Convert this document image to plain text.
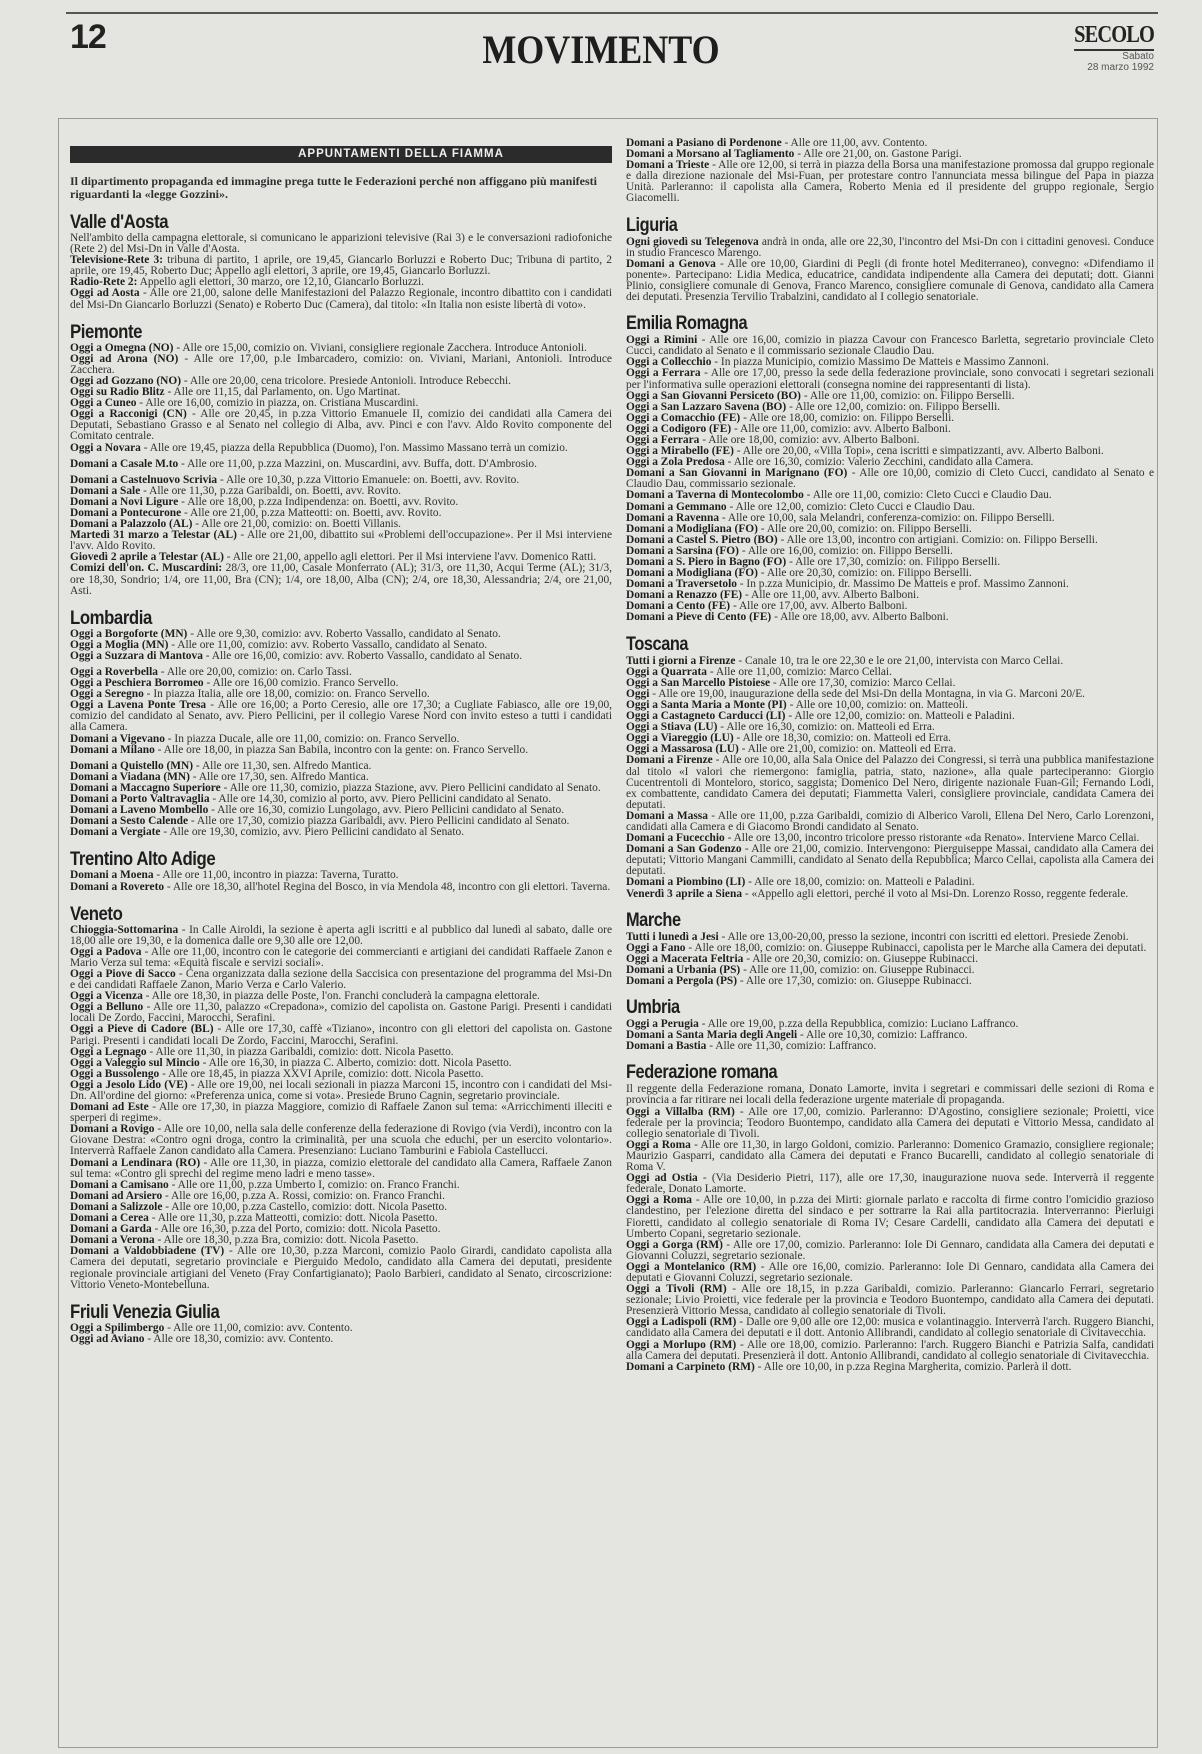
12	MOVIMENTO	SECOLO
Sabato
28 marzo 1992
APPUNTAMENTI DELLA FIAMMA
Il dipartimento propaganda ed immagine prega tutte le Federazioni perché non affiggano più manifesti riguardanti la «legge Gozzini».
Valle d'Aosta
Nell'ambito della campagna elettorale, si comunicano le apparizioni televisive (Rai 3) e le conversazioni radiofoniche (Rete 2) del Msi-Dn in Valle d'Aosta.
Televisione-Rete 3: tribuna di partito, 1 aprile, ore 19,45, Giancarlo Borluzzi e Roberto Duc; Tribuna di partito, 2 aprile, ore 19,45, Roberto Duc; Appello agli elettori, 3 aprile, ore 19,45, Giancarlo Borluzzi.
Radio-Rete 2: Appello agli elettori, 30 marzo, ore 12,10, Giancarlo Borluzzi.
Oggi ad Aosta - Alle ore 21,00, salone delle Manifestazioni del Palazzo Regionale, incontro dibattito con i candidati del Msi-Dn Giancarlo Borluzzi (Senato) e Roberto Duc (Camera), dal titolo: «In Italia non esiste libertà di voto».
Piemonte
Oggi a Omegna (NO) - Alle ore 15,00, comizio on. Viviani, consigliere regionale Zacchera. Introduce Antonioli.
Oggi ad Arona (NO) - Alle ore 17,00, p.le Imbarcadero, comizio: on. Viviani, Mariani, Antonioli. Introduce Zacchera.
Oggi ad Gozzano (NO) - Alle ore 20,00, cena tricolore. Presiede Antonioli. Introduce Rebecchi.
Oggi su Radio Blitz - Alle ore 11,15, dal Parlamento, on. Ugo Martinat.
Oggi a Cuneo - Alle ore 16,00, comizio in piazza, on. Cristiana Muscardini.
Oggi a Racconigi (CN) - Alle ore 20,45, in p.zza Vittorio Emanuele II, comizio dei candidati alla Camera dei Deputati, Sebastiano Grasso e al Senato nel collegio di Alba, avv. Pinci e con l'avv. Aldo Rovito componente del Comitato centrale.
Oggi a Novara - Alle ore 19,45, piazza della Repubblica (Duomo), l'on. Massimo Massano terrà un comizio.
Domani a Casale M.to - Alle ore 11,00, p.zza Mazzini, on. Muscardini, avv. Buffa, dott. D'Ambrosio.
Domani a Castelnuovo Scrivia - Alle ore 10,30, p.zza Vittorio Emanuele: on. Boetti, avv. Rovito.
Domani a Sale - Alle ore 11,30, p.zza Garibaldi, on. Boetti, avv. Rovito.
Domani a Novi Ligure - Alle ore 18,00, p.zza Indipendenza: on. Boetti, avv. Rovito.
Domani a Pontecurone - Alle ore 21,00, p.zza Matteotti: on. Boetti, avv. Rovito.
Domani a Palazzolo (AL) - Alle ore 21,00, comizio: on. Boetti Villanis.
Martedì 31 marzo a Telestar (AL) - Alle ore 21,00, dibattito sui «Problemi dell'occupazione». Per il Msi interviene l'avv. Aldo Rovito.
Giovedì 2 aprile a Telestar (AL) - Alle ore 21,00, appello agli elettori. Per il Msi interviene l'avv. Domenico Ratti.
Comizi dell'on. C. Muscardini: 28/3, ore 11,00, Casale Monferrato (AL); 31/3, ore 11,30, Acqui Terme (AL); 31/3, ore 18,30, Sondrio; 1/4, ore 11,00, Bra (CN); 1/4, ore 18,00, Alba (CN); 2/4, ore 18,30, Alessandria; 2/4, ore 21,00, Asti.
Lombardia
Oggi a Borgoforte (MN) - Alle ore 9,30, comizio: avv. Roberto Vassallo, candidato al Senato.
Oggi a Moglia (MN) - Alle ore 11,00, comizio: avv. Roberto Vassallo, candidato al Senato.
Oggi a Suzzara di Mantova - Alle ore 16,00, comizio: avv. Roberto Vassallo, candidato al Senato.
Oggi a Roverbella - Alle ore 20,00, comizio: on. Carlo Tassi.
Oggi a Peschiera Borromeo - Alle ore 16,00 comizio. Franco Servello.
Oggi a Seregno - In piazza Italia, alle ore 18,00, comizio: on. Franco Servello.
Oggi a Lavena Ponte Tresa - Alle ore 16,00; a Porto Ceresio, alle ore 17,30; a Cugliate Fabiasco, alle ore 19,00, comizio del candidato al Senato, avv. Piero Pellicini, per il collegio Varese Nord con invito esteso a tutti i candidati alla Camera.
Domani a Vigevano - In piazza Ducale, alle ore 11,00, comizio: on. Franco Servello.
Domani a Milano - Alle ore 18,00, in piazza San Babila, incontro con la gente: on. Franco Servello.
Domani a Quistello (MN) - Alle ore 11,30, sen. Alfredo Mantica.
Domani a Viadana (MN) - Alle ore 17,30, sen. Alfredo Mantica.
Domani a Maccagno Superiore - Alle ore 11,30, comizio, piazza Stazione, avv. Piero Pellicini candidato al Senato.
Domani a Porto Valtravaglia - Alle ore 14,30, comizio al porto, avv. Piero Pellicini candidato al Senato.
Domani a Laveno Mombello - Alle ore 16,30, comizio Lungolago, avv. Piero Pellicini candidato al Senato.
Domani a Sesto Calende - Alle ore 17,30, comizio piazza Garibaldi, avv. Piero Pellicini candidato al Senato.
Domani a Vergiate - Alle ore 19,30, comizio, avv. Piero Pellicini candidato al Senato.
Trentino Alto Adige
Domani a Moena - Alle ore 11,00, incontro in piazza: Taverna, Turatto.
Domani a Rovereto - Alle ore 18,30, all'hotel Regina del Bosco, in via Mendola 48, incontro con gli elettori. Taverna.
Veneto
Chioggia-Sottomarina - In Calle Airoldi, la sezione è aperta agli iscritti e al pubblico dal lunedì al sabato, dalle ore 18,00 alle ore 19,30, e la domenica dalle ore 9,30 alle ore 12,00.
Oggi a Padova - Alle ore 11,00, incontro con le categorie dei commercianti e artigiani dei candidati Raffaele Zanon e Mario Verza sul tema: «Equità fiscale e servizi sociali».
Oggi a Piove di Sacco - Cena organizzata dalla sezione della Saccisica con presentazione del programma del Msi-Dn e dei candidati Raffaele Zanon, Mario Verza e Carlo Valerio.
Oggi a Vicenza - Alle ore 18,30, in piazza delle Poste, l'on. Franchi concluderà la campagna elettorale.
Oggi a Belluno - Alle ore 11,30, palazzo «Crepadona», comizio del capolista on. Gastone Parigi. Presenti i candidati locali De Zordo, Faccini, Marocchi, Serafini.
Oggi a Pieve di Cadore (BL) - Alle ore 17,30, caffè «Tiziano», incontro con gli elettori del capolista on. Gastone Parigi. Presenti i candidati locali De Zordo, Faccini, Marocchi, Serafini.
Oggi a Legnago - Alle ore 11,30, in piazza Garibaldi, comizio: dott. Nicola Pasetto.
Oggi a Valeggio sul Mincio - Alle ore 16,30, in piazza C. Alberto, comizio: dott. Nicola Pasetto.
Oggi a Bussolengo - Alle ore 18,45, in piazza XXVI Aprile, comizio: dott. Nicola Pasetto.
Oggi a Jesolo Lido (VE) - Alle ore 19,00, nei locali sezionali in piazza Marconi 15, incontro con i candidati del Msi-Dn. All'ordine del giorno: «Preferenza unica, come si vota». Presiede Bruno Cagnin, segretario provinciale.
Domani ad Este - Alle ore 17,30, in piazza Maggiore, comizio di Raffaele Zanon sul tema: «Arricchimenti illeciti e sperperi di regime».
Domani a Rovigo - Alle ore 10,00, nella sala delle conferenze della federazione di Rovigo (via Verdi), incontro con la Giovane Destra: «Contro ogni droga, contro la criminalità, per una scuola che educhi, per un esercito volontario». Interverrà Raffaele Zanon candidato alla Camera. Presenziano: Luciano Tamburini e Fabiola Castellucci.
Domani a Lendinara (RO) - Alle ore 11,30, in piazza, comizio elettorale del candidato alla Camera, Raffaele Zanon sul tema: «Contro gli sprechi del regime meno ladri e meno tasse».
Domani a Camisano - Alle ore 11,00, p.zza Umberto I, comizio: on. Franco Franchi.
Domani ad Arsiero - Alle ore 16,00, p.zza A. Rossi, comizio: on. Franco Franchi.
Domani a Salizzole - Alle ore 10,00, p.zza Castello, comizio: dott. Nicola Pasetto.
Domani a Cerea - Alle ore 11,30, p.zza Matteotti, comizio: dott. Nicola Pasetto.
Domani a Garda - Alle ore 16,30, p.zza del Porto, comizio: dott. Nicola Pasetto.
Domani a Verona - Alle ore 18,30, p.zza Bra, comizio: dott. Nicola Pasetto.
Domani a Valdobbiadene (TV) - Alle ore 10,30, p.zza Marconi, comizio Paolo Girardi, candidato capolista alla Camera dei deputati, segretario provinciale e Pierguido Medolo, candidato alla Camera dei deputati, presidente regionale provinciale artigiani del Veneto (Fray Confartigianato); Paolo Barbieri, candidato al Senato, circoscrizione: Vittorio Veneto-Montebelluna.
Friuli Venezia Giulia
Oggi a Spilimbergo - Alle ore 11,00, comizio: avv. Contento.
Oggi ad Aviano - Alle ore 18,30, comizio: avv. Contento.
Domani a Pasiano di Pordenone - Alle ore 11,00, avv. Contento.
Domani a Morsano al Tagliamento - Alle ore 21,00, on. Gastone Parigi.
Domani a Trieste - Alle ore 12,00, si terrà in piazza della Borsa una manifestazione promossa dal gruppo regionale e dalla direzione nazionale del Msi-Fuan, per protestare contro l'annunciata messa bilingue del Papa in piazza Unità. Parleranno: il capolista alla Camera, Roberto Menia ed il presidente del gruppo regionale, Sergio Giacomelli.
Liguria
Ogni giovedì su Telegenova andrà in onda, alle ore 22,30, l'incontro del Msi-Dn con i cittadini genovesi. Conduce in studio Francesco Marengo.
Domani a Genova - Alle ore 10,00, Giardini di Pegli (di fronte hotel Mediterraneo), convegno: «Difendiamo il ponente». Partecipano: Lidia Medica, educatrice, candidata indipendente alla Camera dei deputati; dott. Gianni Plinio, consigliere comunale di Genova, Franco Marenco, consigliere comunale di Genova, candidato alla Camera dei deputati. Presenzia Tervilio Trabalzini, candidato al I collegio senatoriale.
Emilia Romagna
Oggi a Rimini - Alle ore 16,00, comizio in piazza Cavour con Francesco Barletta, segretario provinciale Cleto Cucci, candidato al Senato e il commissario sezionale Claudio Dau.
Oggi a Collecchio - In piazza Municipio, comizio Massimo De Matteis e Massimo Zannoni.
Oggi a Ferrara - Alle ore 17,00, presso la sede della federazione provinciale, sono convocati i segretari sezionali per l'informativa sulle operazioni elettorali (consegna nomine dei rappresentanti di lista).
Oggi a San Giovanni Persiceto (BO) - Alle ore 11,00, comizio: on. Filippo Berselli.
Oggi a San Lazzaro Savena (BO) - Alle ore 12,00, comizio: on. Filippo Berselli.
Oggi a Comacchio (FE) - Alle ore 18,00, comizio: on. Filippo Berselli.
Oggi a Codigoro (FE) - Alle ore 11,00, comizio: avv. Alberto Balboni.
Oggi a Ferrara - Alle ore 18,00, comizio: avv. Alberto Balboni.
Oggi a Mirabello (FE) - Alle ore 20,00, «Villa Topi», cena iscritti e simpatizzanti, avv. Alberto Balboni.
Oggi a Zola Predosa - Alle ore 16,30, comizio: Valerio Zecchini, candidato alla Camera.
Domani a San Giovanni in Marignano (FO) - Alle ore 10,00, comizio di Cleto Cucci, candidato al Senato e Claudio Dau, commissario sezionale.
Domani a Taverna di Montecolombo - Alle ore 11,00, comizio: Cleto Cucci e Claudio Dau.
Domani a Gemmano - Alle ore 12,00, comizio: Cleto Cucci e Claudio Dau.
Domani a Ravenna - Alle ore 10,00, sala Melandri, conferenza-comizio: on. Filippo Berselli.
Domani a Modigliana (FO) - Alle ore 20,00, comizio: on. Filippo Berselli.
Domani a Castel S. Pietro (BO) - Alle ore 13,00, incontro con artigiani. Comizio: on. Filippo Berselli.
Domani a Sarsina (FO) - Alle ore 16,00, comizio: on. Filippo Berselli.
Domani a S. Piero in Bagno (FO) - Alle ore 17,30, comizio: on. Filippo Berselli.
Domani a Modigliana (FO) - Alle ore 20,30, comizio: on. Filippo Berselli.
Domani a Traversetolo - In p.zza Municipio, dr. Massimo De Matteis e prof. Massimo Zannoni.
Domani a Renazzo (FE) - Alle ore 11,00, avv. Alberto Balboni.
Domani a Cento (FE) - Alle ore 17,00, avv. Alberto Balboni.
Domani a Pieve di Cento (FE) - Alle ore 18,00, avv. Alberto Balboni.
Toscana
Tutti i giorni a Firenze - Canale 10, tra le ore 22,30 e le ore 21,00, intervista con Marco Cellai.
Oggi a Quarrata - Alle ore 11,00, comizio: Marco Cellai.
Oggi a San Marcello Pistoiese - Alle ore 17,30, comizio: Marco Cellai.
Oggi - Alle ore 19,00, inaugurazione della sede del Msi-Dn della Montagna, in via G. Marconi 20/E.
Oggi a Santa Maria a Monte (PI) - Alle ore 10,00, comizio: on. Matteoli.
Oggi a Castagneto Carducci (LI) - Alle ore 12,00, comizio: on. Matteoli e Paladini.
Oggi a Stiava (LU) - Alle ore 16,30, comizio: on. Matteoli ed Erra.
Oggi a Viareggio (LU) - Alle ore 18,30, comizio: on. Matteoli ed Erra.
Oggi a Massarosa (LU) - Alle ore 21,00, comizio: on. Matteoli ed Erra.
Domani a Firenze - Alle ore 10,00, alla Sala Onice del Palazzo dei Congressi, si terrà una pubblica manifestazione dal titolo «I valori che riemergono: famiglia, patria, stato, nazione», alla quale parteciperanno: Giorgio Cucentrentoli di Monteloro, storico, saggista; Domenico Del Nero, dirigente nazionale Fuan-Gil; Fernando Lodi, ex combattente, candidato Camera dei deputati; Fiammetta Valeri, consigliere provinciale, candidata Camera dei deputati.
Domani a Massa - Alle ore 11,00, p.zza Garibaldi, comizio di Alberico Varoli, Ellena Del Nero, Carlo Lorenzoni, candidati alla Camera e di Giacomo Brondi candidato al Senato.
Domani a Fucecchio - Alle ore 13,00, incontro tricolore presso ristorante «da Renato». Interviene Marco Cellai.
Domani a San Godenzo - Alle ore 21,00, comizio. Intervengono: Pierguiseppe Massai, candidato alla Camera dei deputati; Vittorio Mangani Cammilli, candidato al Senato della Repubblica; Marco Cellai, capolista alla Camera dei deputati.
Domani a Piombino (LI) - Alle ore 18,00, comizio: on. Matteoli e Paladini.
Venerdì 3 aprile a Siena - «Appello agli elettori, perché il voto al Msi-Dn. Lorenzo Rosso, reggente federale.
Marche
Tutti i lunedì a Jesi - Alle ore 13,00-20,00, presso la sezione, incontri con iscritti ed elettori. Presiede Zenobi.
Oggi a Fano - Alle ore 18,00, comizio: on. Giuseppe Rubinacci, capolista per le Marche alla Camera dei deputati.
Oggi a Macerata Feltria - Alle ore 20,30, comizio: on. Giuseppe Rubinacci.
Domani a Urbania (PS) - Alle ore 11,00, comizio: on. Giuseppe Rubinacci.
Domani a Pergola (PS) - Alle ore 17,30, comizio: on. Giuseppe Rubinacci.
Umbria
Oggi a Perugia - Alle ore 19,00, p.zza della Repubblica, comizio: Luciano Laffranco.
Domani a Santa Maria degli Angeli - Alle ore 10,30, comizio: Laffranco.
Domani a Bastia - Alle ore 11,30, comizio: Laffranco.
Federazione romana
Il reggente della Federazione romana, Donato Lamorte, invita i segretari e commissari delle sezioni di Roma e provincia a far ritirare nei locali della federazione urgente materiale di propaganda.
Oggi a Villalba (RM) - Alle ore 17,00, comizio. Parleranno: D'Agostino, consigliere sezionale; Proietti, vice federale per la provincia; Teodoro Buontempo, candidato alla Camera dei deputati e Vittorio Messa, candidato al collegio senatoriale di Tivoli.
Oggi a Roma - Alle ore 11,30, in largo Goldoni, comizio. Parleranno: Domenico Gramazio, consigliere regionale; Maurizio Gasparri, candidato alla Camera dei deputati e Franco Bucarelli, candidato al collegio senatoriale di Roma V.
Oggi ad Ostia - (Via Desiderio Pietri, 117), alle ore 17,30, inaugurazione nuova sede. Interverrà il reggente federale, Donato Lamorte.
Oggi a Roma - Alle ore 10,00, in p.zza dei Mirti: giornale parlato e raccolta di firme contro l'omicidio grazioso clandestino, per l'elezione diretta del sindaco e per sottrarre la Rai alla partitocrazia. Interverranno: Pierluigi Fioretti, candidato al collegio senatoriale di Roma IV; Cesare Cardelli, candidato alla Camera dei deputati e Umberto Copani, segretario sezionale.
Oggi a Gorga (RM) - Alle ore 17,00, comizio. Parleranno: Iole Di Gennaro, candidata alla Camera dei deputati e Giovanni Coluzzi, segretario sezionale.
Oggi a Montelanico (RM) - Alle ore 16,00, comizio. Parleranno: Iole Di Gennaro, candidata alla Camera dei deputati e Giovanni Coluzzi, segretario sezionale.
Oggi a Tivoli (RM) - Alle ore 18,15, in p.zza Garibaldi, comizio. Parleranno: Giancarlo Ferrari, segretario sezionale; Livio Proietti, vice federale per la provincia e Teodoro Buontempo, candidato alla Camera dei deputati. Presenzierà Vittorio Messa, candidato al collegio senatoriale di Tivoli.
Oggi a Ladispoli (RM) - Dalle ore 9,00 alle ore 12,00: musica e volantinaggio. Interverrà l'arch. Ruggero Bianchi, candidato alla Camera dei deputati e il dott. Antonio Allibrandi, candidato al collegio senatoriale di Civitavecchia.
Oggi a Morlupo (RM) - Alle ore 18,00, comizio. Parleranno: l'arch. Ruggero Bianchi e Patrizia Salfa, candidati alla Camera dei deputati. Presenzierà il dott. Antonio Allibrandi, candidato al collegio senatoriale di Civitavecchia.
Domani a Carpineto (RM) - Alle ore 10,00, in p.zza Regina Margherita, comizio. Parlerà il dott.
